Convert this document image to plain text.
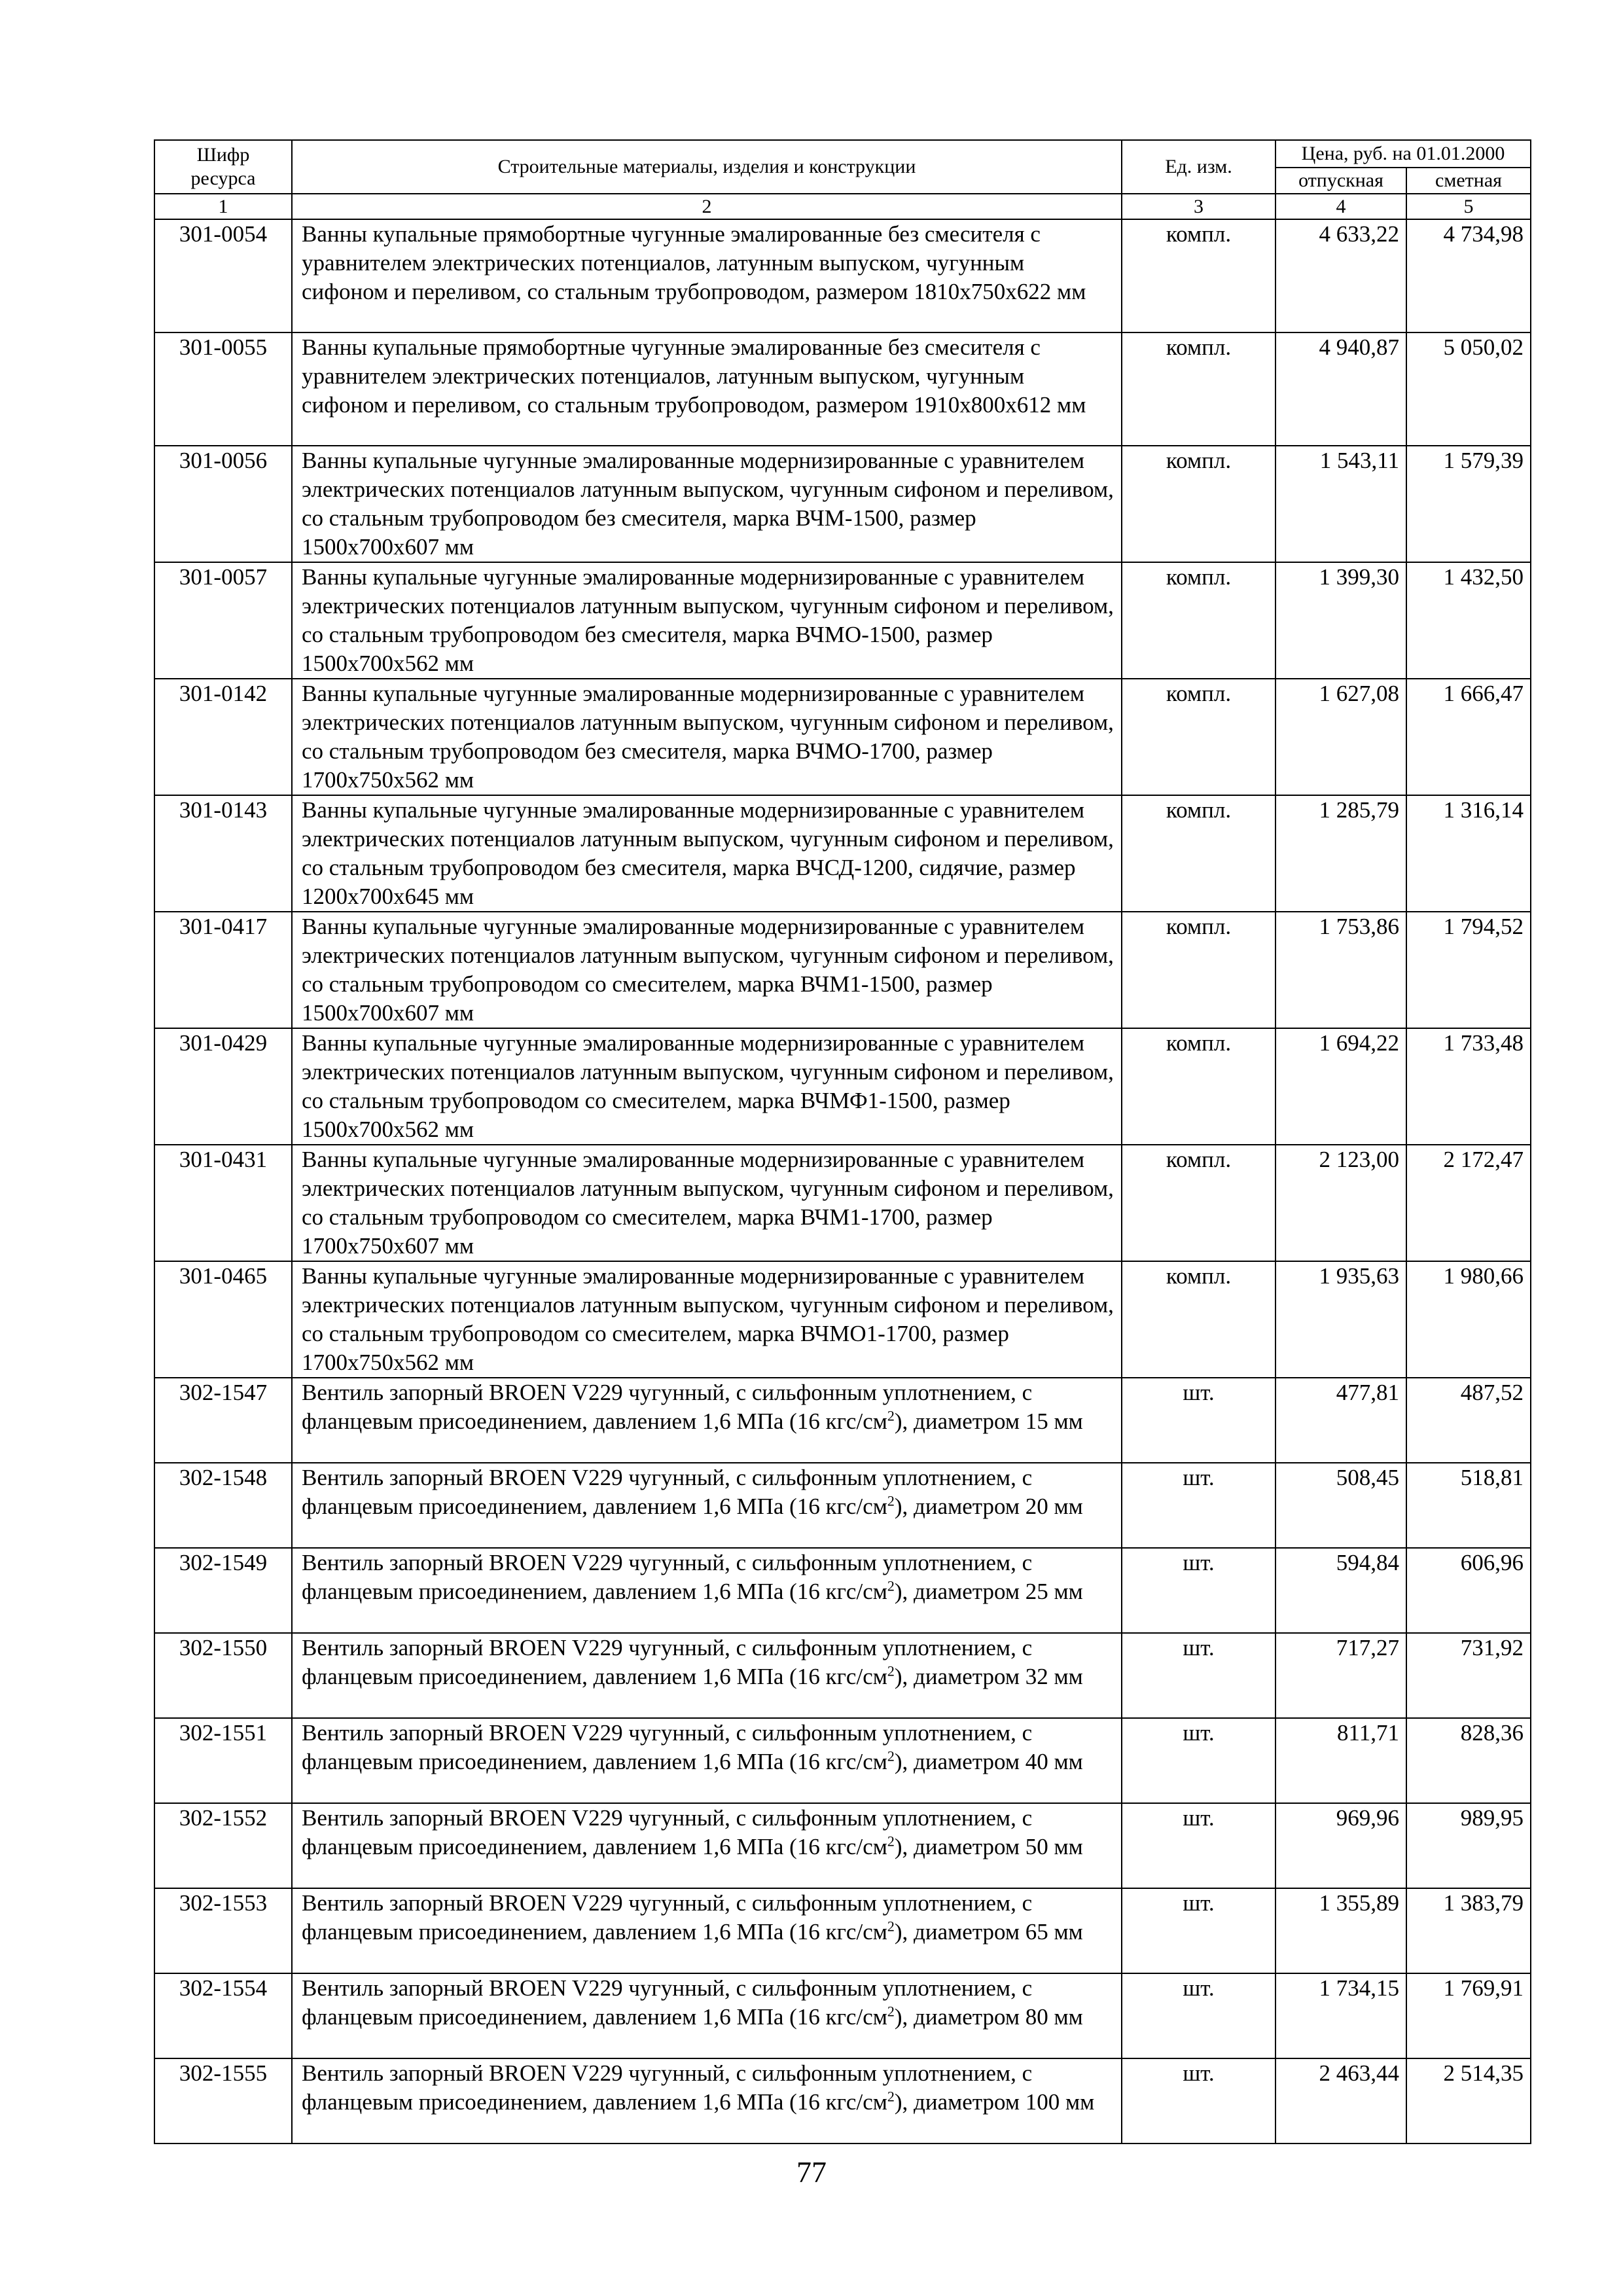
Шифр
ресурса	Строительные материалы, изделия и конструкции	Ед. изм.	Цена, руб. на 01.01.2000	
			отпускная	сметная
1	2	3	4	5
301-0054	Ванны купальные прямобортные чугунные эмалированные без смесителя с уравнителем электрических потенциалов, латунным выпуском, чугунным сифоном и переливом, со стальным трубопроводом, размером 1810х750х622 мм	компл.	4 633,22	4 734,98
301-0055	Ванны купальные прямобортные чугунные эмалированные без смесителя с уравнителем электрических потенциалов, латунным выпуском, чугунным сифоном и переливом, со стальным трубопроводом, размером 1910х800х612 мм	компл.	4 940,87	5 050,02
301-0056	Ванны купальные чугунные эмалированные модернизированные с уравнителем электрических потенциалов латунным выпуском, чугунным сифоном и переливом, со стальным трубопроводом без смесителя, марка ВЧМ-1500, размер 1500х700х607 мм	компл.	1 543,11	1 579,39
301-0057	Ванны купальные чугунные эмалированные модернизированные с уравнителем электрических потенциалов латунным выпуском, чугунным сифоном и переливом, со стальным трубопроводом без смесителя, марка ВЧМО-1500, размер 1500х700х562 мм	компл.	1 399,30	1 432,50
301-0142	Ванны купальные чугунные эмалированные модернизированные с уравнителем электрических потенциалов латунным выпуском, чугунным сифоном и переливом, со стальным трубопроводом без смесителя, марка ВЧМО-1700, размер 1700х750х562 мм	компл.	1 627,08	1 666,47
301-0143	Ванны купальные чугунные эмалированные модернизированные с уравнителем электрических потенциалов латунным выпуском, чугунным сифоном и переливом, со стальным трубопроводом без смесителя, марка ВЧСД-1200, сидячие, размер 1200х700х645 мм	компл.	1 285,79	1 316,14
301-0417	Ванны купальные чугунные эмалированные модернизированные с уравнителем электрических потенциалов латунным выпуском, чугунным сифоном и переливом, со стальным трубопроводом со смесителем, марка ВЧМ1-1500, размер 1500х700х607 мм	компл.	1 753,86	1 794,52
301-0429	Ванны купальные чугунные эмалированные модернизированные с уравнителем электрических потенциалов латунным выпуском, чугунным сифоном и переливом, со стальным трубопроводом со смесителем, марка ВЧМФ1-1500, размер 1500х700х562 мм	компл.	1 694,22	1 733,48
301-0431	Ванны купальные чугунные эмалированные модернизированные с уравнителем электрических потенциалов латунным выпуском, чугунным сифоном и переливом, со стальным трубопроводом со смесителем, марка ВЧМ1-1700, размер 1700х750х607 мм	компл.	2 123,00	2 172,47
301-0465	Ванны купальные чугунные эмалированные модернизированные с уравнителем электрических потенциалов латунным выпуском, чугунным сифоном и переливом, со стальным трубопроводом со смесителем, марка ВЧМО1-1700, размер 1700х750х562 мм	компл.	1 935,63	1 980,66
302-1547	Вентиль запорный BROEN V229 чугунный, с сильфонным уплотнением, с фланцевым присоединением, давлением 1,6 МПа (16 кгс/$см^2$), диаметром 15 мм	шт.	477,81	487,52
302-1548	Вентиль запорный BROEN V229 чугунный, с сильфонным уплотнением, с фланцевым присоединением, давлением 1,6 МПа (16 кгс/$см^2$), диаметром 20 мм	шт.	508,45	518,81
302-1549	Вентиль запорный BROEN V229 чугунный, с сильфонным уплотнением, с фланцевым присоединением, давлением 1,6 МПа (16 кгс/$см^2$), диаметром 25 мм	шт.	594,84	606,96
302-1550	Вентиль запорный BROEN V229 чугунный, с сильфонным уплотнением, с фланцевым присоединением, давлением 1,6 МПа (16 кгс/$см^2$), диаметром 32 мм	шт.	717,27	731,92
302-1551	Вентиль запорный BROEN V229 чугунный, с сильфонным уплотнением, с фланцевым присоединением, давлением 1,6 МПа (16 кгс/$см^2$), диаметром 40 мм	шт.	811,71	828,36
302-1552	Вентиль запорный BROEN V229 чугунный, с сильфонным уплотнением, с фланцевым присоединением, давлением 1,6 МПа (16 кгс/$см^2$), диаметром 50 мм	шт.	969,96	989,95
302-1553	Вентиль запорный BROEN V229 чугунный, с сильфонным уплотнением, с фланцевым присоединением, давлением 1,6 МПа (16 кгс/$см^2$), диаметром 65 мм	шт.	1 355,89	1 383,79
302-1554	Вентиль запорный BROEN V229 чугунный, с сильфонным уплотнением, с фланцевым присоединением, давлением 1,6 МПа (16 кгс/$см^2$), диаметром 80 мм	шт.	1 734,15	1 769,91
302-1555	Вентиль запорный BROEN V229 чугунный, с сильфонным уплотнением, с фланцевым присоединением, давлением 1,6 МПа (16 кгс/$см^2$), диаметром 100 мм	шт.	2 463,44	2 514,35
77
